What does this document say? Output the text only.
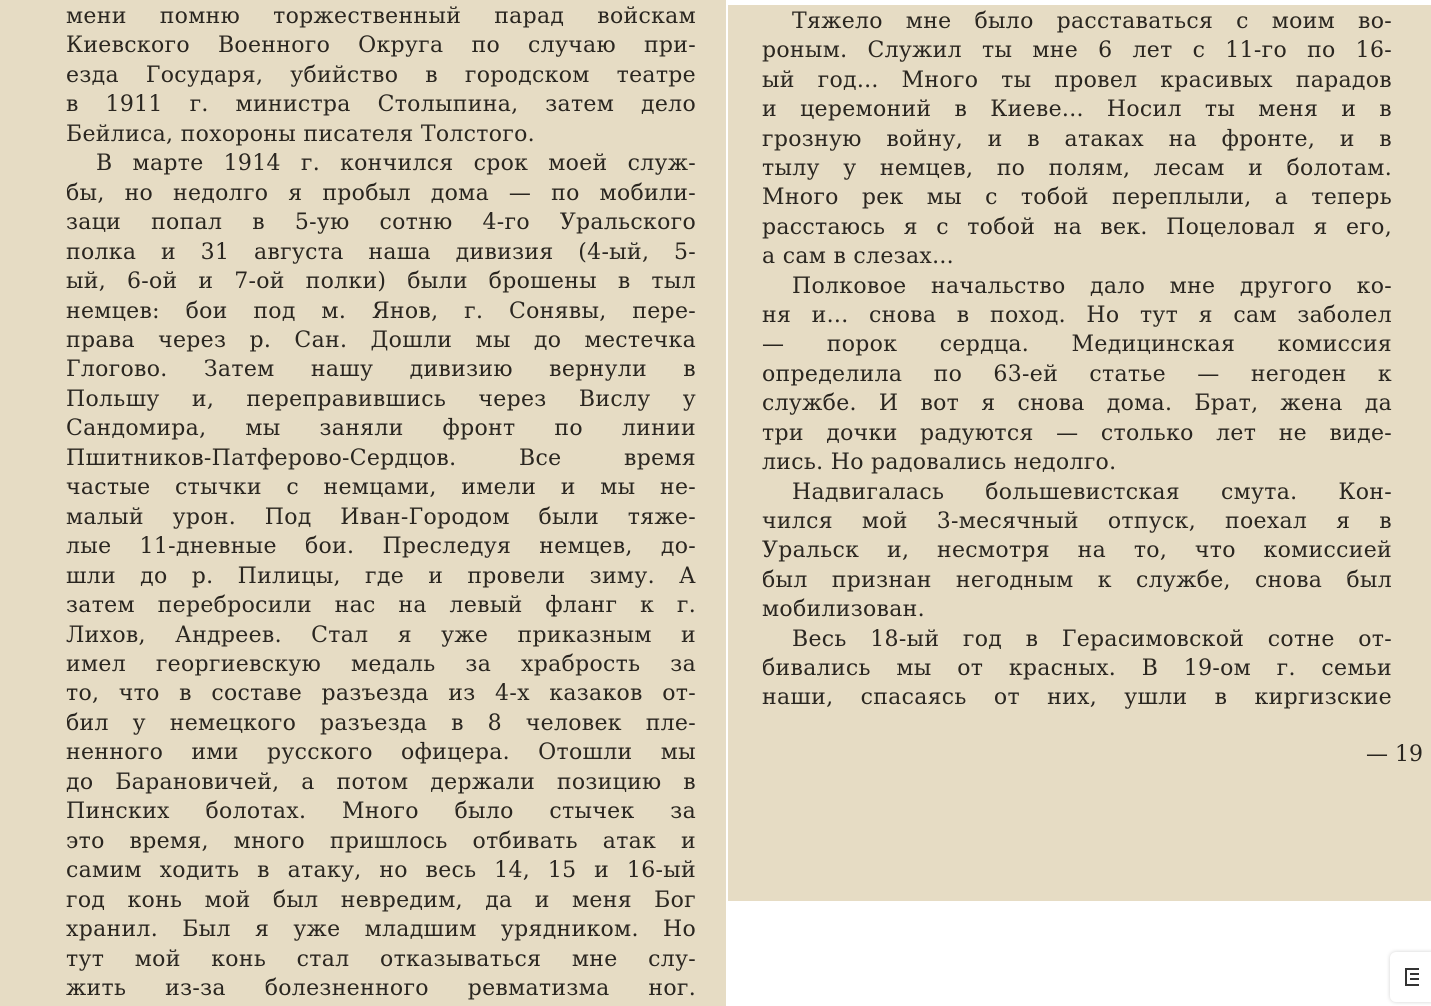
мени помню торжественный парад войскам
Киевского Военного Округа по случаю при-
езда Государя, убийство в городском театре
в 1911 г. министра Столыпина, затем дело
Бейлиса, похороны писателя Толстого.
В марте 1914 г. кончился срок моей служ-
бы, но недолго я пробыл дома — по мобили-
заци попал в 5-ую сотню 4-го Уральского
полка и 31 августа наша дивизия (4-ый, 5-
ый, 6-ой и 7-ой полки) были брошены в тыл
немцев: бои под м. Янов, г. Сонявы, пере-
права через р. Сан. Дошли мы до местечка
Глогово. Затем нашу дивизию вернули в
Польшу и, переправившись через Вислу у
Сандомира, мы заняли фронт по линии
Пшитников-Патферово-Сердцов. Все время
частые стычки с немцами, имели и мы не-
малый урон. Под Иван-Городом были тяже-
лые 11-дневные бои. Преследуя немцев, до-
шли до р. Пилицы, где и провели зиму. А
затем перебросили нас на левый фланг к г.
Лихов, Андреев. Стал я уже приказным и
имел георгиевскую медаль за храбрость за
то, что в составе разъезда из 4-х казаков от-
бил у немецкого разъезда в 8 человек пле-
ненного ими русского офицера. Отошли мы
до Барановичей, а потом держали позицию в
Пинских болотах. Много было стычек за
это время, много пришлось отбивать атак и
самим ходить в атаку, но весь 14, 15 и 16-ый
год конь мой был невредим, да и меня Бог
хранил. Был я уже младшим урядником. Но
тут мой конь стал отказываться мне слу-
жить из-за болезненного ревматизма ног.
Тяжело мне было расставаться с моим во-
роным. Служил ты мне 6 лет с 11-го по 16-
ый год... Много ты провел красивых парадов
и церемоний в Киеве... Носил ты меня и в
грозную войну, и в атаках на фронте, и в
тылу у немцев, по полям, лесам и болотам.
Много рек мы с тобой переплыли, а теперь
расстаюсь я с тобой на век. Поцеловал я его,
а сам в слезах...
Полковое начальство дало мне другого ко-
ня и... снова в поход. Но тут я сам заболел
— порок сердца. Медицинская комиссия
определила по 63-ей статье — негоден к
службе. И вот я снова дома. Брат, жена да
три дочки радуются — столько лет не виде-
лись. Но радовались недолго.
Надвигалась большевистская смута. Кон-
чился мой 3-месячный отпуск, поехал я в
Уральск и, несмотря на то, что комиссией
был признан негодным к службе, снова был
мобилизован.
Весь 18-ый год в Герасимовской сотне от-
бивались мы от красных. В 19-ом г. семьи
наши, спасаясь от них, ушли в киргизские
— 19
